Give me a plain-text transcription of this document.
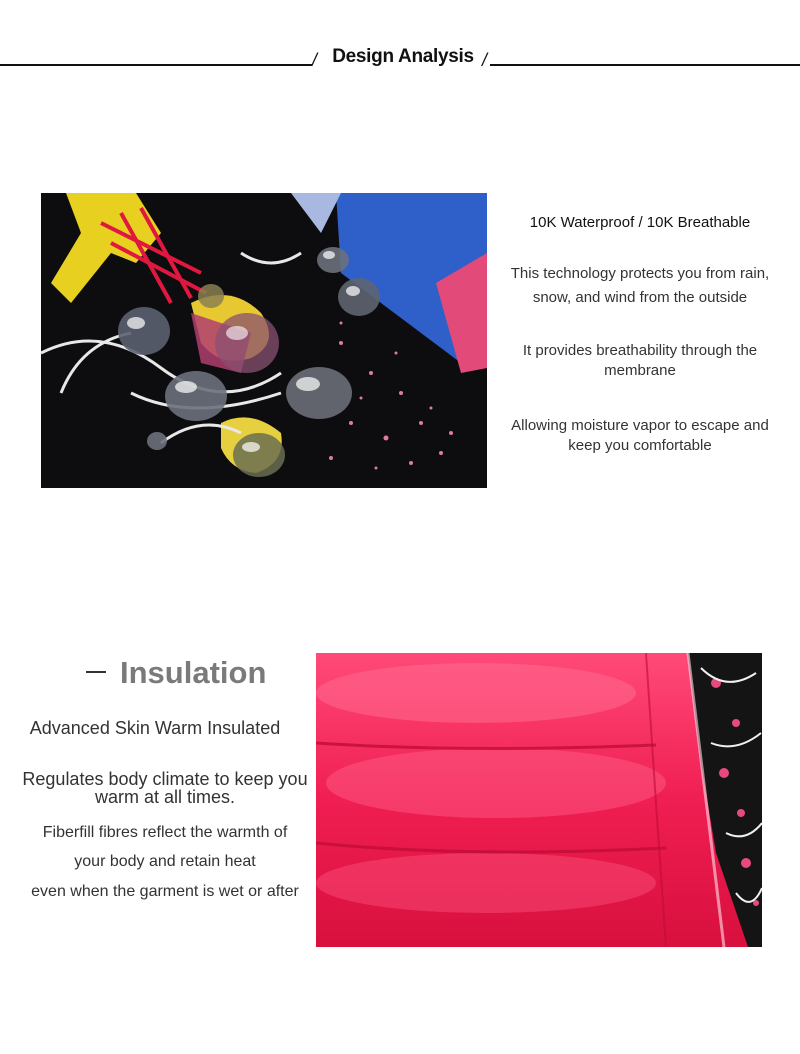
/ Design Analysis /
10K Waterproof / 10K Breathable
This technology protects you from rain, snow, and wind from the outside
It provides breathability through the membrane
Allowing moisture vapor to escape and keep you comfortable
Insulation
Advanced Skin Warm Insulated
Regulates body climate to keep you warm at all times.
Fiberfill fibres reflect the warmth of
your body and retain heat
even when the garment is wet or after
